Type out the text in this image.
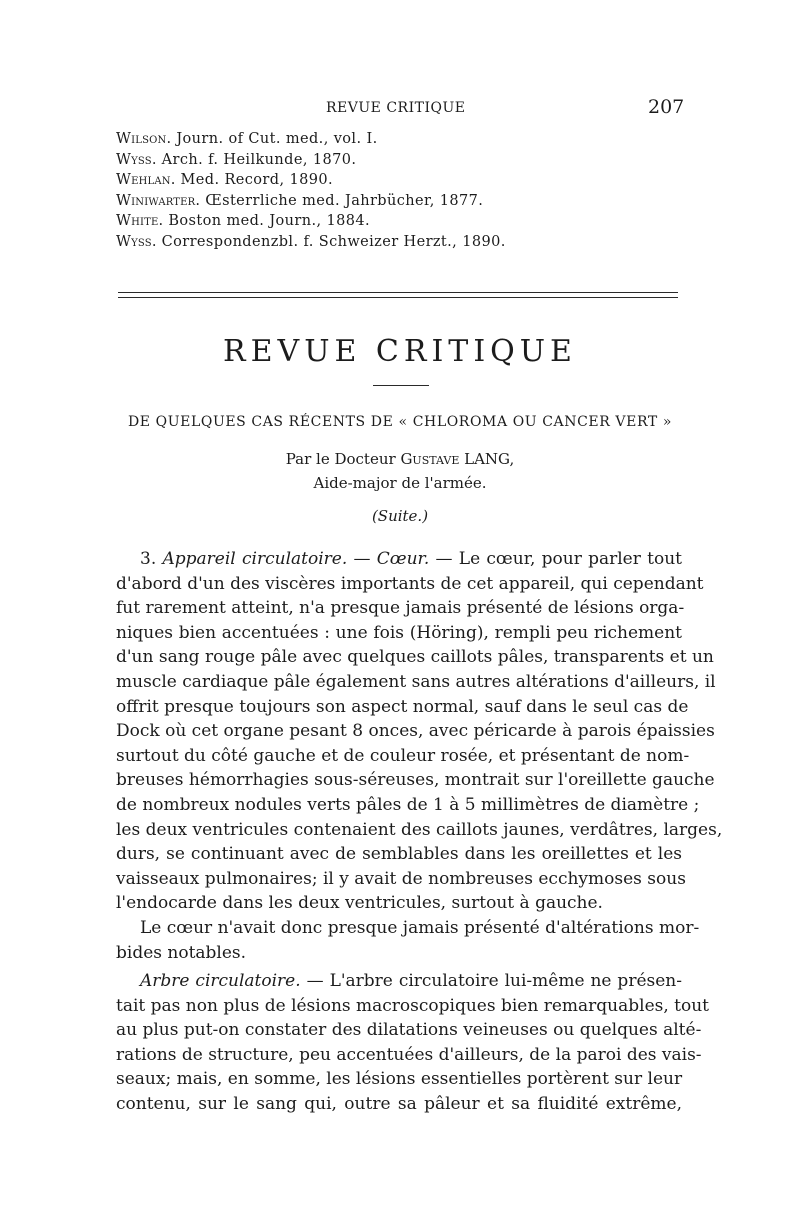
REVUE CRITIQUE	207
Wilson. Journ. of Cut. med., vol. I.
Wyss. Arch. f. Heilkunde, 1870.
Wehlan. Med. Record, 1890.
Winiwarter. Œsterrliche med. Jahrbücher, 1877.
White. Boston med. Journ., 1884.
Wyss. Correspondenzbl. f. Schweizer Herzt., 1890.
REVUE CRITIQUE
DE QUELQUES CAS RÉCENTS DE « CHLOROMA OU CANCER VERT »
Par le Docteur Gustave LANG,
Aide-major de l'armée.
(Suite.)
3. Appareil circulatoire. — Cœur. — Le cœur, pour parler tout
d'abord d'un des viscères importants de cet appareil, qui cependant
fut rarement atteint, n'a presque jamais présenté de lésions orga-
niques bien accentuées : une fois (Höring), rempli peu richement
d'un sang rouge pâle avec quelques caillots pâles, transparents et un
muscle cardiaque pâle également sans autres altérations d'ailleurs, il
offrit presque toujours son aspect normal, sauf dans le seul cas de
Dock où cet organe pesant 8 onces, avec péricarde à parois épaissies
surtout du côté gauche et de couleur rosée, et présentant de nom-
breuses hémorrhagies sous-séreuses, montrait sur l'oreillette gauche
de nombreux nodules verts pâles de 1 à 5 millimètres de diamètre ;
les deux ventricules contenaient des caillots jaunes, verdâtres, larges,
durs, se continuant avec de semblables dans les oreillettes et les
vaisseaux pulmonaires; il y avait de nombreuses ecchymoses sous
l'endocarde dans les deux ventricules, surtout à gauche.
Le cœur n'avait donc presque jamais présenté d'altérations mor-
bides notables.
Arbre circulatoire. — L'arbre circulatoire lui-même ne présen-
tait pas non plus de lésions macroscopiques bien remarquables, tout
au plus put-on constater des dilatations veineuses ou quelques alté-
rations de structure, peu accentuées d'ailleurs, de la paroi des vais-
seaux; mais, en somme, les lésions essentielles portèrent sur leur
contenu, sur le sang qui, outre sa pâleur et sa fluidité extrême,
